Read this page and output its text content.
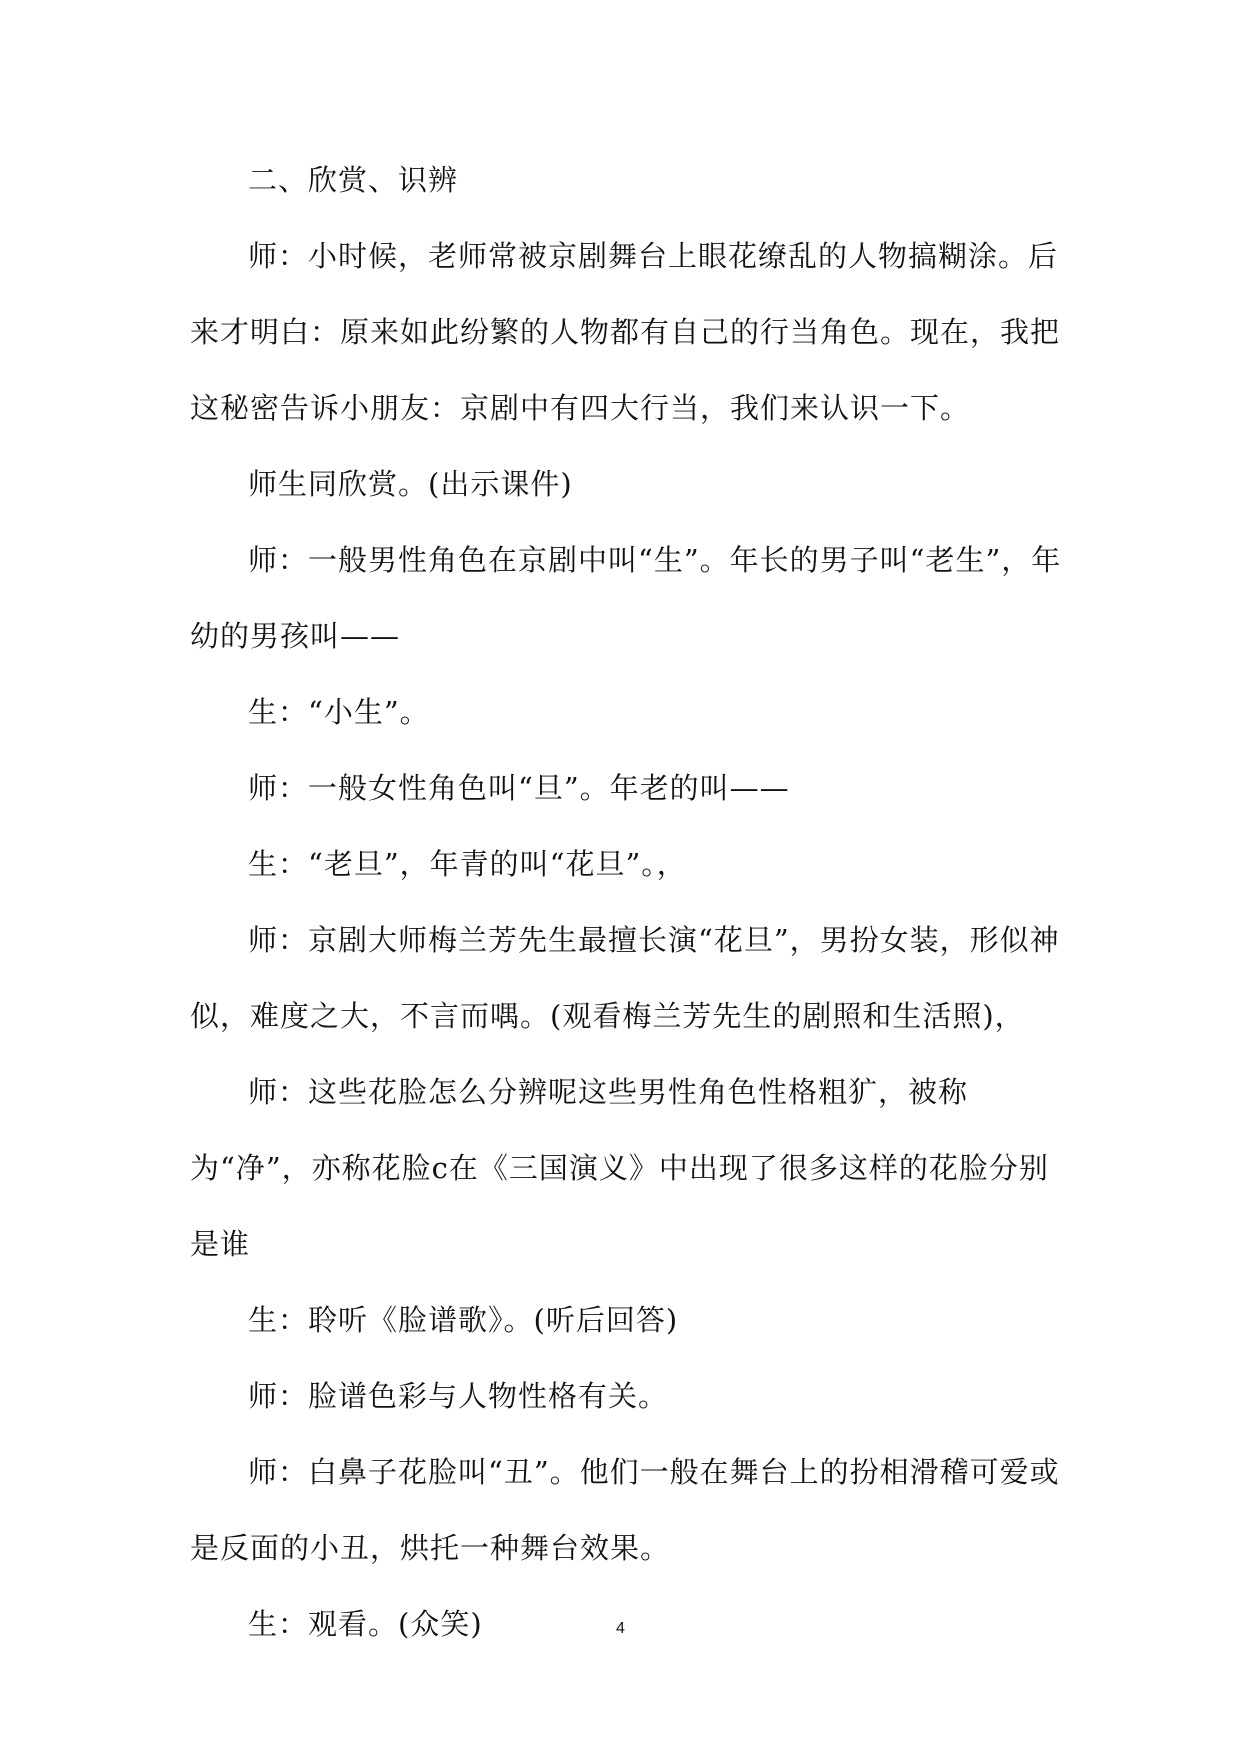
二、欣赏、识辨

师：小时候，老师常被京剧舞台上眼花缭乱的人物搞糊涂。后来才明白：原来如此纷繁的人物都有自己的行当角色。现在，我把这秘密告诉小朋友：京剧中有四大行当，我们来认识一下。

师生同欣赏。(出示课件)

师：一般男性角色在京剧中叫“生”。年长的男子叫“老生”，年幼的男孩叫——

生：“小生”。

师：一般女性角色叫“旦”。年老的叫——

生：“老旦”，年青的叫“花旦”。，

师：京剧大师梅兰芳先生最擅长演“花旦”，男扮女装，形似神似，难度之大，不言而喁。(观看梅兰芳先生的剧照和生活照)，

师：这些花脸怎么分辨呢这些男性角色性格粗犷，被称为“净”，亦称花脸c在《三国演义》中出现了很多这样的花脸分别是谁

生：聆听《脸谱歌》。(听后回答)

师：脸谱色彩与人物性格有关。

师：白鼻子花脸叫“丑”。他们一般在舞台上的扮相滑稽可爱或是反面的小丑，烘托一种舞台效果。

生：观看。(众笑)	4
